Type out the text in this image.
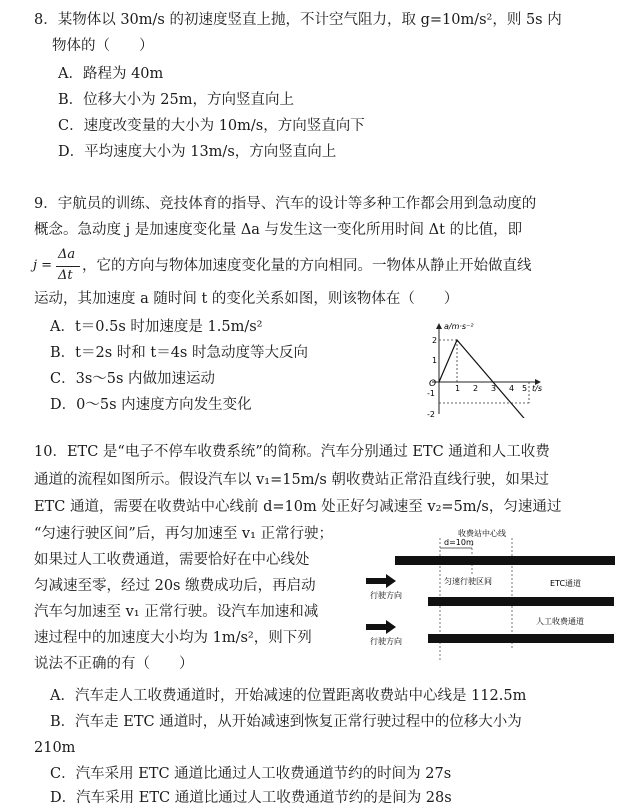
8．某物体以 30m/s 的初速度竖直上抛，不计空气阻力，取 g=10m/s²，则 5s 内
物体的（　　）
A．路程为 40m
B．位移大小为 25m，方向竖直向上
C．速度改变量的大小为 10m/s，方向竖直向下
D．平均速度大小为 13m/s，方向竖直向上
9．宇航员的训练、竞技体育的指导、汽车的设计等多种工作都会用到急动度的
概念。急动度 j 是加速度变化量 Δa 与发生这一变化所用时间 Δt 的比值，即
j =
Δa
Δt
，它的方向与物体加速度变化量的方向相同。一物体从静止开始做直线
运动，其加速度 a 随时间 t 的变化关系如图，则该物体在（　　）
A．t＝0.5s 时加速度是 1.5m/s²
B．t＝2s 时和 t＝4s 时急动度等大反向
C．3s～5s 内做加速运动
D．0～5s 内速度方向发生变化
a/m·s⁻²
t/s
O 1 2 3 4 5
2
1
-1
-2
10．ETC 是“电子不停车收费系统”的简称。汽车分别通过 ETC 通道和人工收费
通道的流程如图所示。假设汽车以 v₁=15m/s 朝收费站正常沿直线行驶，如果过
ETC 通道，需要在收费站中心线前 d=10m 处正好匀减速至 v₂=5m/s，匀速通过
“匀速行驶区间”后，再匀加速至 v₁ 正常行驶；
如果过人工收费通道，需要恰好在中心线处
匀减速至零，经过 20s 缴费成功后，再启动
汽车匀加速至 v₁ 正常行驶。设汽车加速和减
速过程中的加速度大小均为 1m/s²，则下列
说法不正确的有（　　）
收费站中心线
d=10m
匀速行驶区间
行驶方向
ETC通道
人工收费通道
行驶方向
A．汽车走人工收费通道时，开始减速的位置距离收费站中心线是 112.5m
B．汽车走 ETC 通道时，从开始减速到恢复正常行驶过程中的位移大小为
210m
C．汽车采用 ETC 通道比通过人工收费通道节约的时间为 27s
D．汽车采用 ETC 通道比通过人工收费通道节约的是间为 28s
